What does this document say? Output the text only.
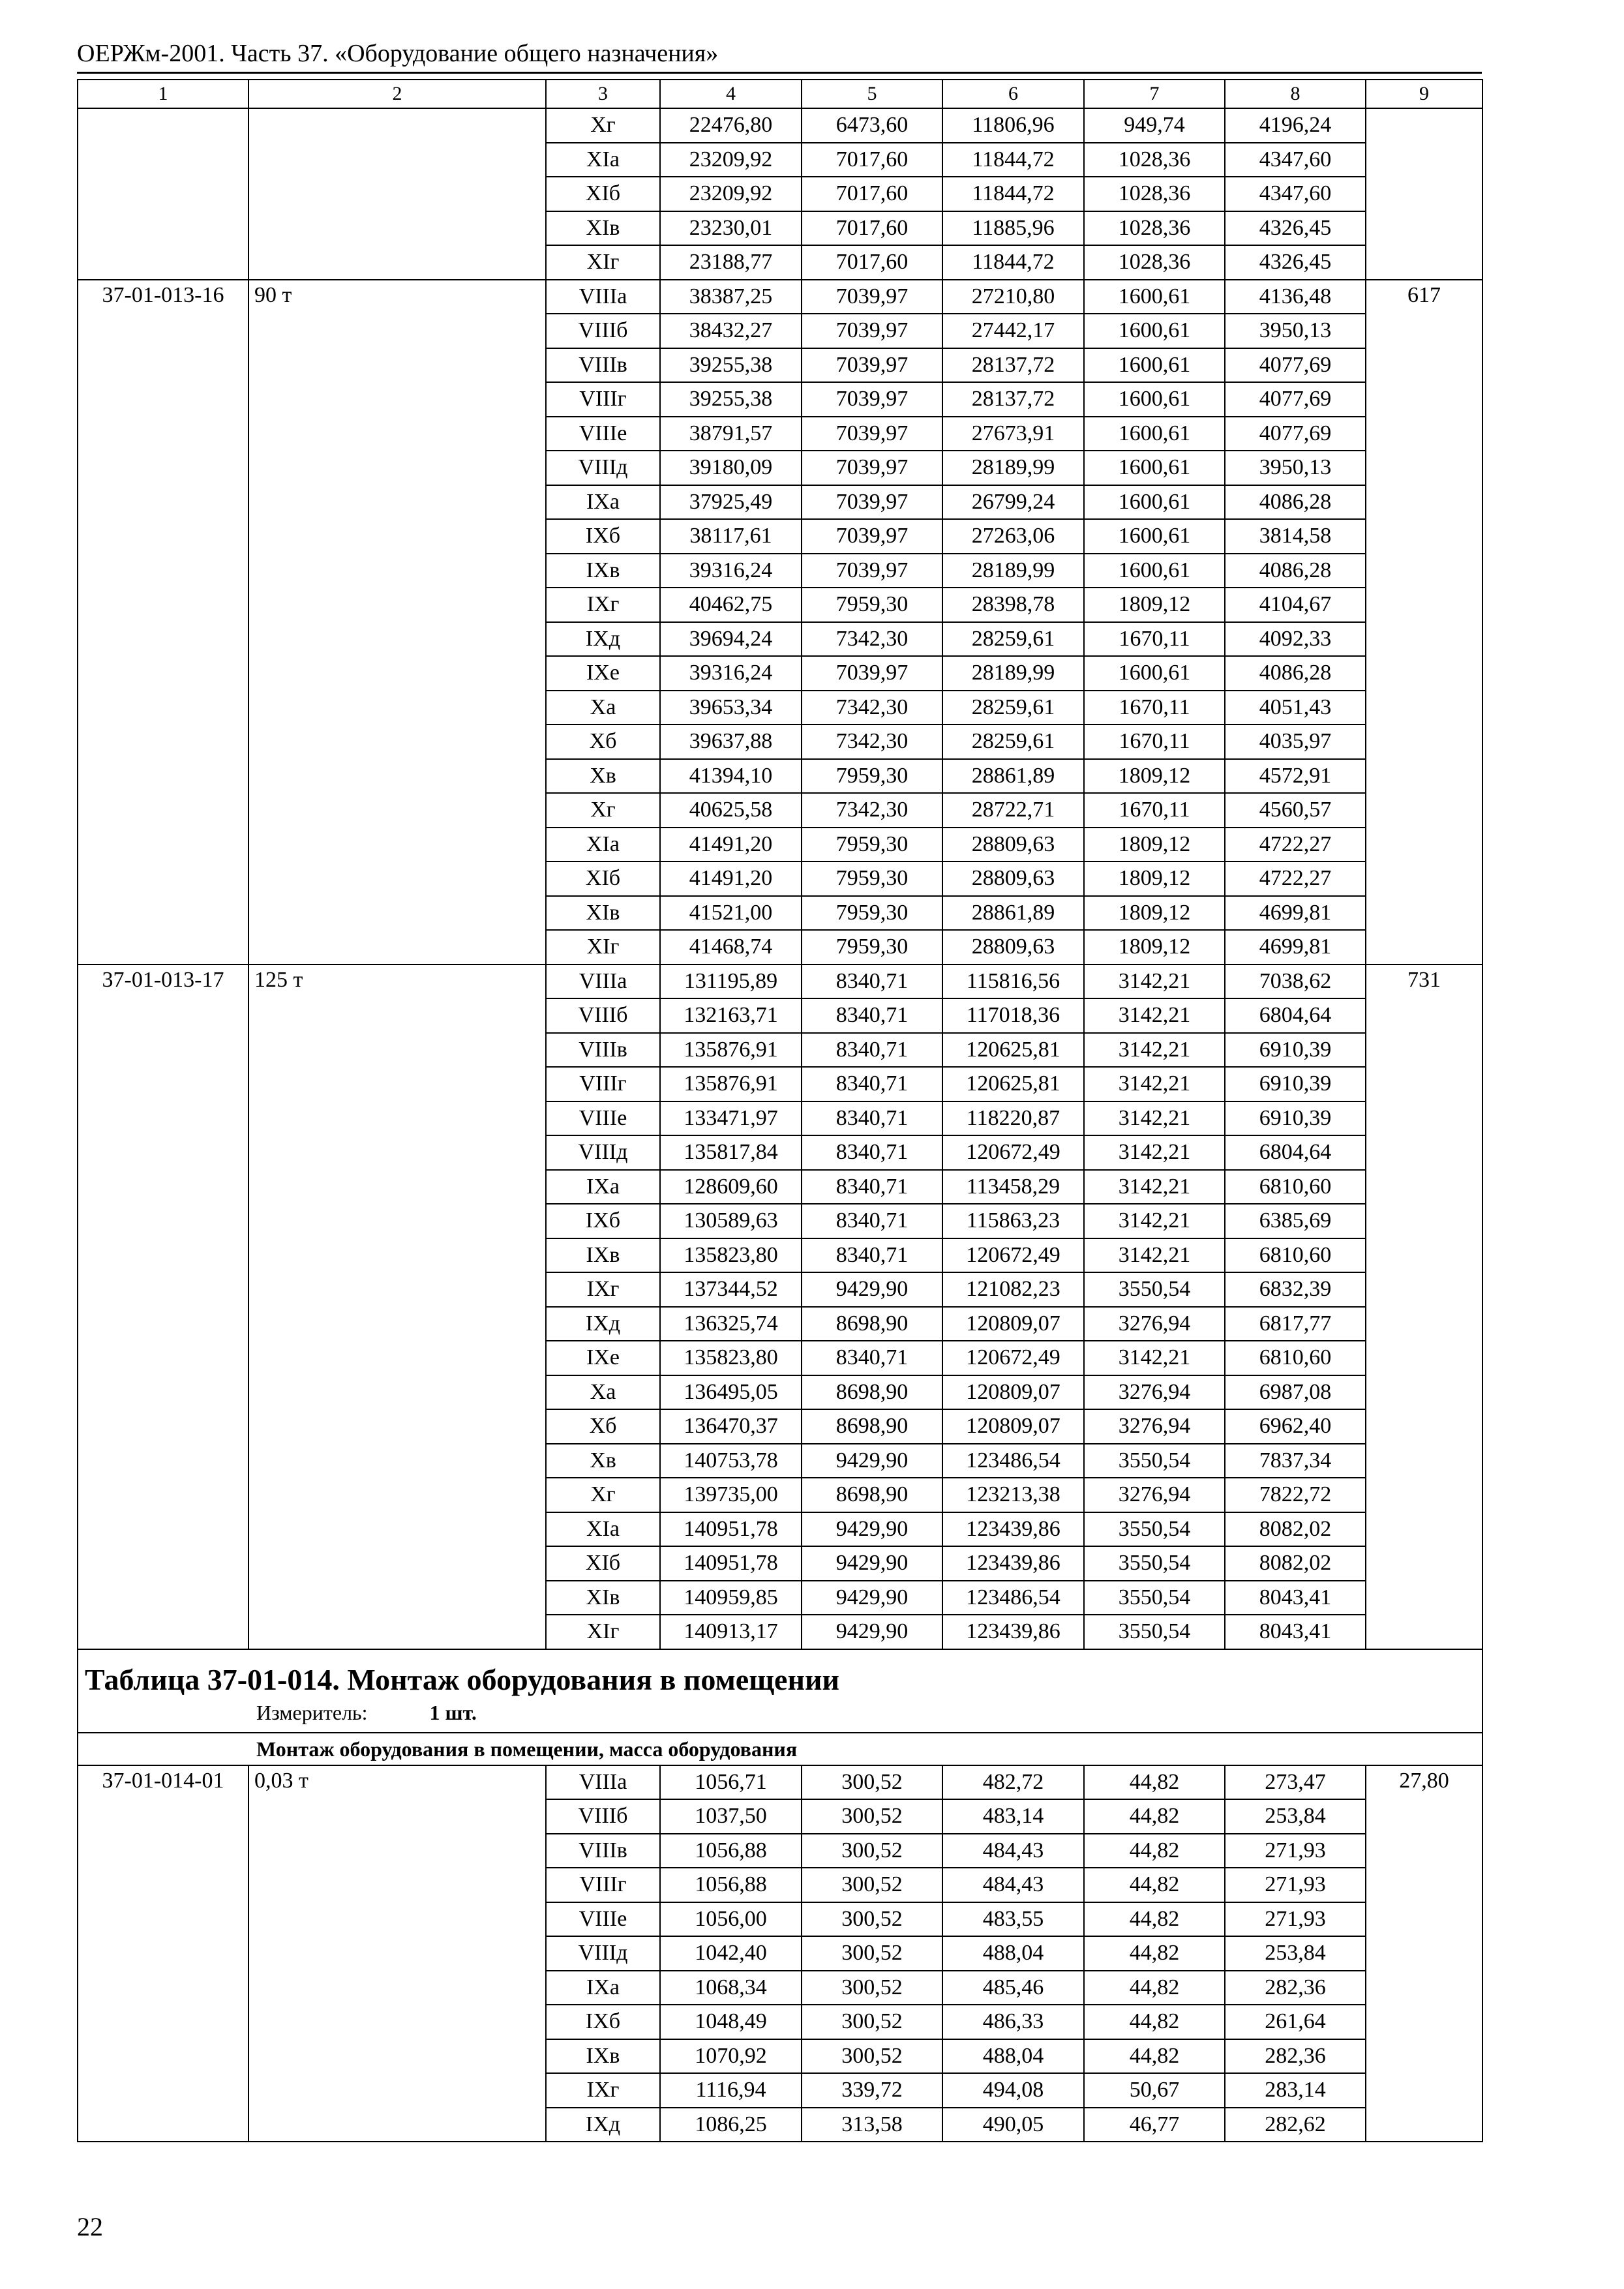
ОЕРЖм-2001. Часть 37. «Оборудование общего назначения»
1	2	3	4	5	6	7	8	9
		Xг	22476,80	6473,60	11806,96	949,74	4196,24	
		XIа	23209,92	7017,60	11844,72	1028,36	4347,60	
		XIб	23209,92	7017,60	11844,72	1028,36	4347,60	
		XIв	23230,01	7017,60	11885,96	1028,36	4326,45	
		XIг	23188,77	7017,60	11844,72	1028,36	4326,45	
37-01-013-16	90 т	VIIIа	38387,25	7039,97	27210,80	1600,61	4136,48	617
		VIIIб	38432,27	7039,97	27442,17	1600,61	3950,13	
		VIIIв	39255,38	7039,97	28137,72	1600,61	4077,69	
		VIIIг	39255,38	7039,97	28137,72	1600,61	4077,69	
		VIIIе	38791,57	7039,97	27673,91	1600,61	4077,69	
		VIIIд	39180,09	7039,97	28189,99	1600,61	3950,13	
		IXа	37925,49	7039,97	26799,24	1600,61	4086,28	
		IXб	38117,61	7039,97	27263,06	1600,61	3814,58	
		IXв	39316,24	7039,97	28189,99	1600,61	4086,28	
		IXг	40462,75	7959,30	28398,78	1809,12	4104,67	
		IXд	39694,24	7342,30	28259,61	1670,11	4092,33	
		IXе	39316,24	7039,97	28189,99	1600,61	4086,28	
		Xа	39653,34	7342,30	28259,61	1670,11	4051,43	
		Xб	39637,88	7342,30	28259,61	1670,11	4035,97	
		Xв	41394,10	7959,30	28861,89	1809,12	4572,91	
		Xг	40625,58	7342,30	28722,71	1670,11	4560,57	
		XIа	41491,20	7959,30	28809,63	1809,12	4722,27	
		XIб	41491,20	7959,30	28809,63	1809,12	4722,27	
		XIв	41521,00	7959,30	28861,89	1809,12	4699,81	
		XIг	41468,74	7959,30	28809,63	1809,12	4699,81	
37-01-013-17	125 т	VIIIа	131195,89	8340,71	115816,56	3142,21	7038,62	731
		VIIIб	132163,71	8340,71	117018,36	3142,21	6804,64	
		VIIIв	135876,91	8340,71	120625,81	3142,21	6910,39	
		VIIIг	135876,91	8340,71	120625,81	3142,21	6910,39	
		VIIIе	133471,97	8340,71	118220,87	3142,21	6910,39	
		VIIIд	135817,84	8340,71	120672,49	3142,21	6804,64	
		IXа	128609,60	8340,71	113458,29	3142,21	6810,60	
		IXб	130589,63	8340,71	115863,23	3142,21	6385,69	
		IXв	135823,80	8340,71	120672,49	3142,21	6810,60	
		IXг	137344,52	9429,90	121082,23	3550,54	6832,39	
		IXд	136325,74	8698,90	120809,07	3276,94	6817,77	
		IXе	135823,80	8340,71	120672,49	3142,21	6810,60	
		Xа	136495,05	8698,90	120809,07	3276,94	6987,08	
		Xб	136470,37	8698,90	120809,07	3276,94	6962,40	
		Xв	140753,78	9429,90	123486,54	3550,54	7837,34	
		Xг	139735,00	8698,90	123213,38	3276,94	7822,72	
		XIа	140951,78	9429,90	123439,86	3550,54	8082,02	
		XIб	140951,78	9429,90	123439,86	3550,54	8082,02	
		XIв	140959,85	9429,90	123486,54	3550,54	8043,41	
		XIг	140913,17	9429,90	123439,86	3550,54	8043,41	
Таблица 37-01-014. Монтаж оборудования в помещении								
Измеритель: 1 шт.								
Монтаж оборудования в помещении, масса оборудования								
37-01-014-01	0,03 т	VIIIа	1056,71	300,52	482,72	44,82	273,47	27,80
		VIIIб	1037,50	300,52	483,14	44,82	253,84	
		VIIIв	1056,88	300,52	484,43	44,82	271,93	
		VIIIг	1056,88	300,52	484,43	44,82	271,93	
		VIIIе	1056,00	300,52	483,55	44,82	271,93	
		VIIIд	1042,40	300,52	488,04	44,82	253,84	
		IXа	1068,34	300,52	485,46	44,82	282,36	
		IXб	1048,49	300,52	486,33	44,82	261,64	
		IXв	1070,92	300,52	488,04	44,82	282,36	
		IXг	1116,94	339,72	494,08	50,67	283,14	
		IXд	1086,25	313,58	490,05	46,77	282,62	
22
